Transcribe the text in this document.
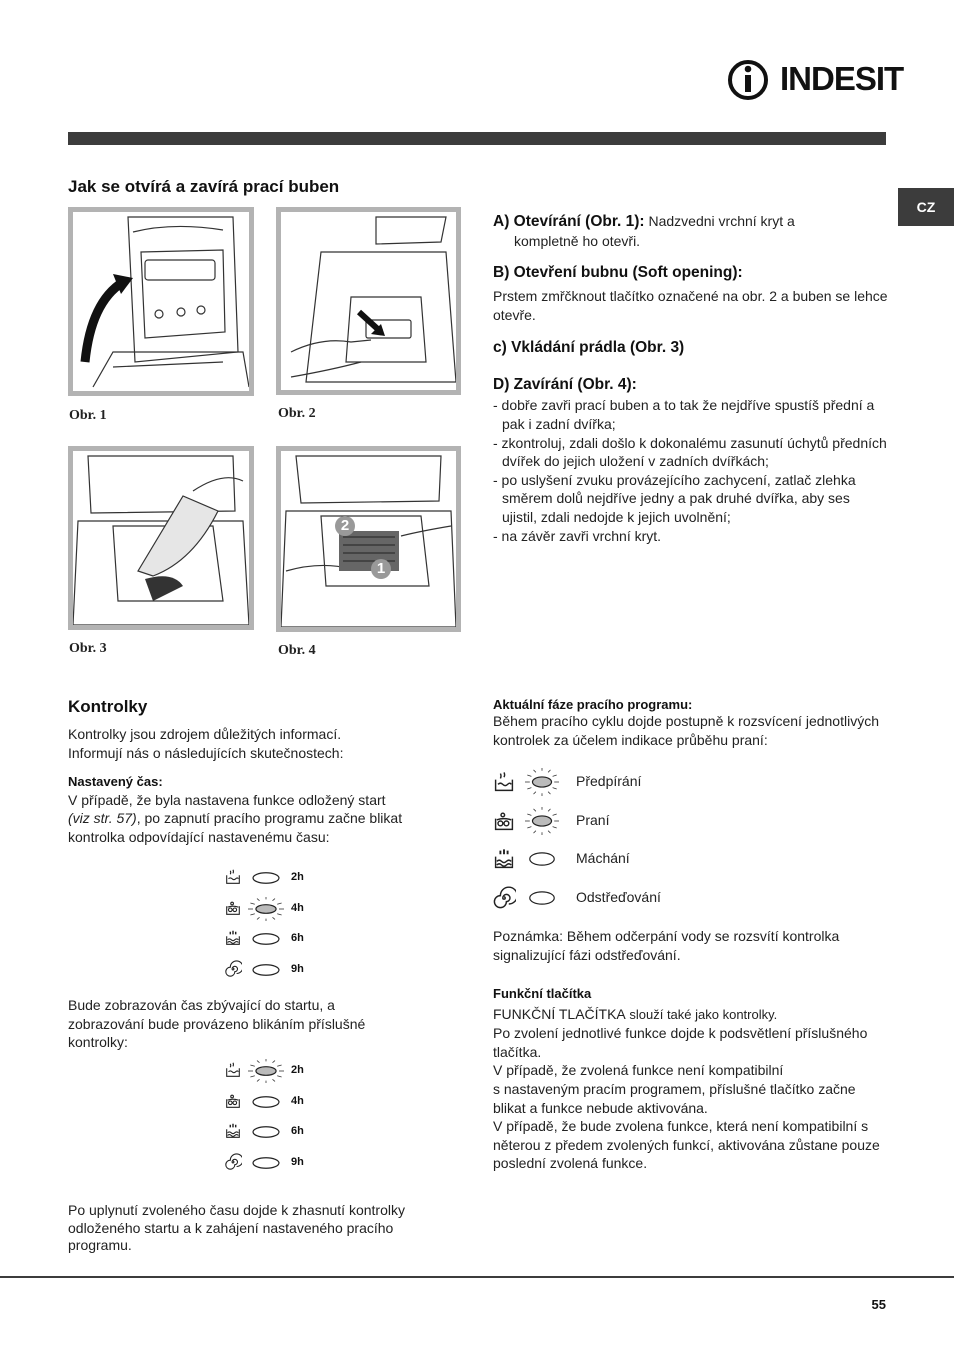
INDESIT
CZ
Jak se otvírá a zavírá prací buben
Obr. 1	Obr. 2
Obr. 3
2
1
Obr. 4
A) Otevírání (Obr. 1): Nadzvedni vrchní kryt a
kompletně ho otevři.
B) Otevření bubnu (Soft opening):
Prstem zmřčknout tlačítko označené na obr. 2 a buben se lehce otevře.
c) Vkládání prádla (Obr. 3)
D) Zavírání (Obr. 4):

- dobře zavři prací buben a to tak že nejdříve spustíš přední a pak i zadní dvířka;

- zkontroluj, zdali došlo k dokonalému zasunutí úchytů předních dvířek do jejich uložení v zadních dvířkách;

- po uslyšení zvuku provázejícího zachycení, zatlač zlehka směrem dolů nejdříve jedny a pak druhé dvířka, aby ses ujistil, zdali nedojde k jejich uvolnění;

- na závěr zavři vrchní kryt.

Kontrolky

Kontrolky jsou zdrojem důležitých informací.

Informují nás o následujících skutečnostech:

Nastavený čas:

V případě, že byla nastavena funkce odložený start

(viz str. 57), po zapnutí pracího programu začne blikat

kontrolka odpovídající nastavenému času:

2h
4h
6h
9h
Bude zobrazován čas zbývající do startu, a zobrazování bude provázeno blikáním příslušné kontrolky:
2h
4h
6h
9h
Po uplynutí zvoleného času dojde k zhasnutí kontrolky odloženého startu a k zahájení nastaveného pracího programu.
Aktuální fáze pracího programu:
Během pracího cyklu dojde postupně k rozsvícení jednotlivých kontrolek za účelem indikace průběhu praní:
Předpírání
Praní
Máchání
Odstřeďování
Poznámka: Během odčerpání vody se rozsvítí kontrolka signalizující fázi odstřeďování.
Funkční tlačítka

FUNKČNÍ TLAČÍTKA slouží také jako kontrolky.

Po zvolení jednotlivé funkce dojde k podsvětlení příslušného tlačítka.

V případě, že zvolená funkce není kompatibilní

s nastaveným pracím programem, příslušné tlačítko začne blikat a funkce nebude aktivována.

V případě, že bude zvolena funkce, která není kompatibilní s něterou z předem zvolených funkcí, aktivována zůstane pouze poslední zvolená funkce.

55
